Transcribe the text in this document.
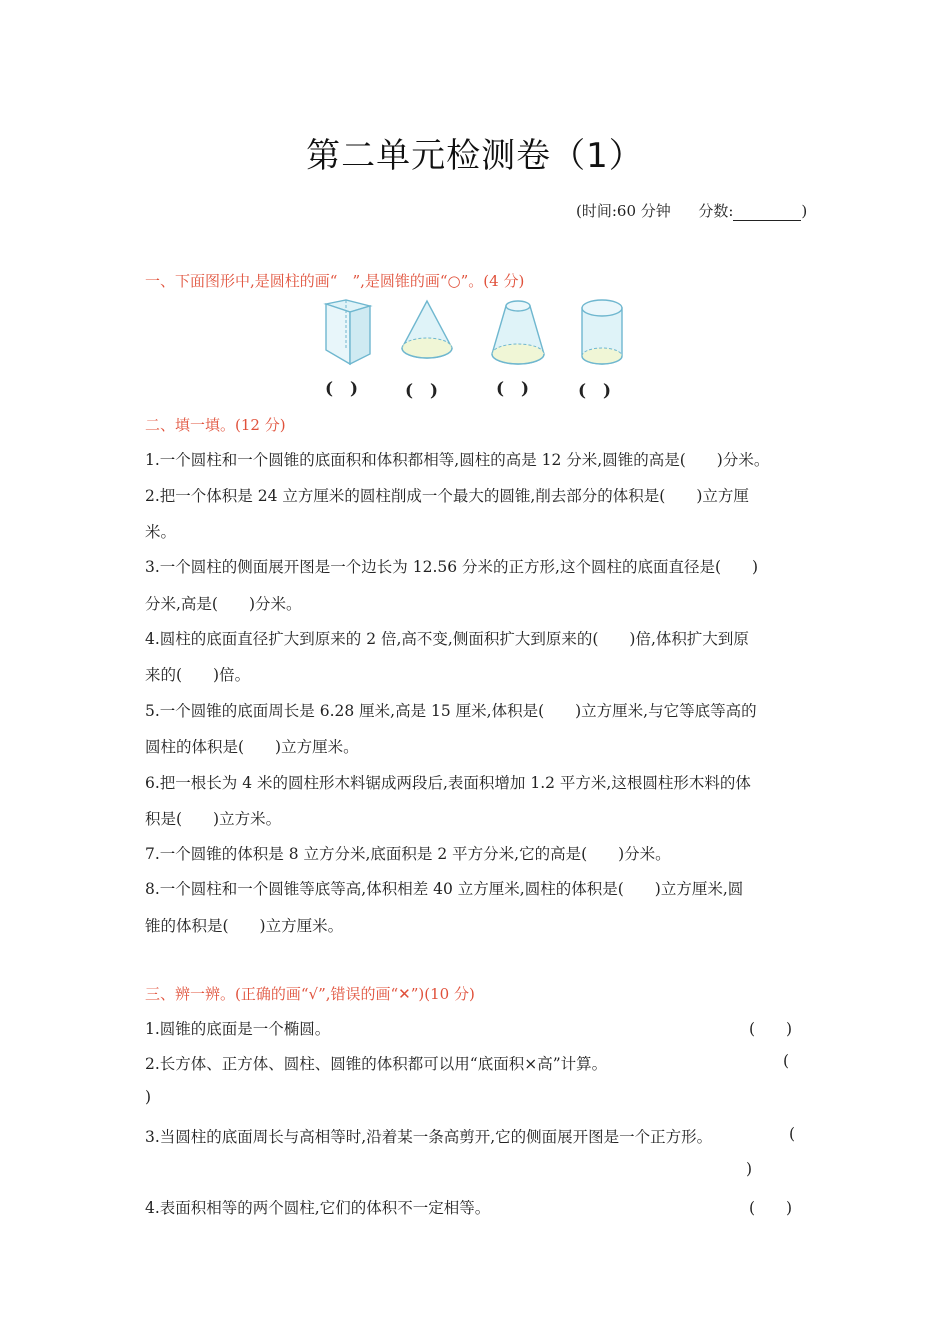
第二单元检测卷（1）
(时间:60 分钟 分数:	)
一、下面图形中,是圆柱的画“　”,是圆锥的画“○”。(4 分)
(　)	(　)	(　)	(　)
二、填一填。(12 分)
1.一个圆柱和一个圆锥的底面积和体积都相等,圆柱的高是 12 分米,圆锥的高是(　　)分米。
2.把一个体积是 24 立方厘米的圆柱削成一个最大的圆锥,削去部分的体积是(　　)立方厘
米。
3.一个圆柱的侧面展开图是一个边长为 12.56 分米的正方形,这个圆柱的底面直径是(　　)
分米,高是(　　)分米。
4.圆柱的底面直径扩大到原来的 2 倍,高不变,侧面积扩大到原来的(　　)倍,体积扩大到原
来的(　　)倍。
5.一个圆锥的底面周长是 6.28 厘米,高是 15 厘米,体积是(　　)立方厘米,与它等底等高的
圆柱的体积是(　　)立方厘米。
6.把一根长为 4 米的圆柱形木料锯成两段后,表面积增加 1.2 平方米,这根圆柱形木料的体
积是(　　)立方米。
7.一个圆锥的体积是 8 立方分米,底面积是 2 平方分米,它的高是(　　)分米。
8.一个圆柱和一个圆锥等底等高,体积相差 40 立方厘米,圆柱的体积是(　　)立方厘米,圆
锥的体积是(　　)立方厘米。
三、辨一辨。(正确的画“√”,错误的画“✕”)(10 分)
1.圆锥的底面是一个椭圆。	(　　)
2.长方体、正方体、圆柱、圆锥的体积都可以用“底面积×高”计算。	(
)
3.当圆柱的底面周长与高相等时,沿着某一条高剪开,它的侧面展开图是一个正方形。	(
)
4.表面积相等的两个圆柱,它们的体积不一定相等。	(　　)
